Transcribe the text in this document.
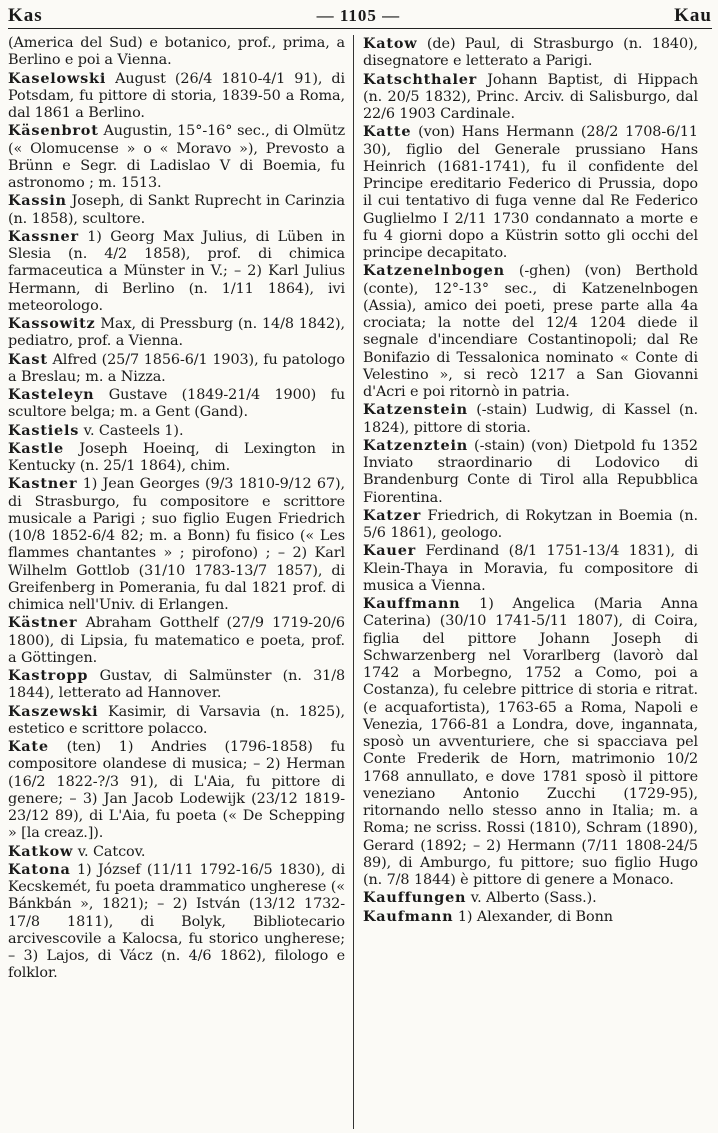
Kas	— 1105 —	Kau

(America del Sud) e botanico, prof., prima, a Berlino e poi a Vienna.

Kaselowski August (26/4 1810-4/1 91), di Potsdam, fu pittore di storia, 1839-50 a Roma, dal 1861 a Berlino.

Käsenbrot Augustin, 15°-16° sec., di Olmütz (« Olomucense » o « Moravo »), Prevosto a Brünn e Segr. di Ladislao V di Boemia, fu astronomo ; m. 1513.

Kassin Joseph, di Sankt Ruprecht in Carinzia (n. 1858), scultore.

Kassner 1) Georg Max Julius, di Lüben in Slesia (n. 4/2 1858), prof. di chimica farmaceutica a Münster in V.; – 2) Karl Julius Hermann, di Berlino (n. 1/11 1864), ivi meteorologo.

Kassowitz Max, di Pressburg (n. 14/8 1842), pediatro, prof. a Vienna.

Kast Alfred (25/7 1856-6/1 1903), fu patologo a Breslau; m. a Nizza.

Kasteleyn Gustave (1849-21/4 1900) fu scultore belga; m. a Gent (Gand).

Kastiels v. Casteels 1).

Kastle Joseph Hoeinq, di Lexington in Kentucky (n. 25/1 1864), chim.

Kastner 1) Jean Georges (9/3 1810-9/12 67), di Strasburgo, fu compositore e scrittore musicale a Parigi ; suo figlio Eugen Friedrich (10/8 1852-6/4 82; m. a Bonn) fu fisico (« Les flammes chantantes » ; pirofono) ; – 2) Karl Wilhelm Gottlob (31/10 1783-13/7 1857), di Greifenberg in Pomerania, fu dal 1821 prof. di chimica nell'Univ. di Erlangen.

Kästner Abraham Gotthelf (27/9 1719-20/6 1800), di Lipsia, fu matematico e poeta, prof. a Göttingen.

Kastropp Gustav, di Salmünster (n. 31/8 1844), letterato ad Hannover.

Kaszewski Kasimir, di Varsavia (n. 1825), estetico e scrittore polacco.

Kate (ten) 1) Andries (1796-1858) fu compositore olandese di musica; – 2) Herman (16/2 1822-?/3 91), di L'Aia, fu pittore di genere; – 3) Jan Jacob Lodewijk (23/12 1819-23/12 89), di L'Aia, fu poeta (« De Schepping » [la creaz.]).

Katkow v. Catcov.

Katona 1) József (11/11 1792-16/5 1830), di Kecskemét, fu poeta drammatico ungherese (« Bánkbán », 1821); – 2) István (13/12 1732-17/8 1811), di Bolyk, Bibliotecario arcivescovile a Kalocsa, fu storico ungherese; – 3) Lajos, di Vácz (n. 4/6 1862), filologo e folklor.

Katow (de) Paul, di Strasburgo (n. 1840), disegnatore e letterato a Parigi.

Katschthaler Johann Baptist, di Hippach (n. 20/5 1832), Princ. Arciv. di Salisburgo, dal 22/6 1903 Cardinale.

Katte (von) Hans Hermann (28/2 1708-6/11 30), figlio del Generale prussiano Hans Heinrich (1681-1741), fu il confidente del Principe ereditario Federico di Prussia, dopo il cui tentativo di fuga venne dal Re Federico Guglielmo I 2/11 1730 condannato a morte e fu 4 giorni dopo a Küstrin sotto gli occhi del principe decapitato.

Katzenelnbogen (-ghen) (von) Berthold (conte), 12°-13° sec., di Katzenelnbogen (Assia), amico dei poeti, prese parte alla 4a crociata; la notte del 12/4 1204 diede il segnale d'incendiare Costantinopoli; dal Re Bonifazio di Tessalonica nominato « Conte di Velestino », si recò 1217 a San Giovanni d'Acri e poi ritornò in patria.

Katzenstein (-stain) Ludwig, di Kassel (n. 1824), pittore di storia.

Katzenztein (-stain) (von) Dietpold fu 1352 Inviato straordinario di Lodovico di Brandenburg Conte di Tirol alla Repubblica Fiorentina.

Katzer Friedrich, di Rokytzan in Boemia (n. 5/6 1861), geologo.

Kauer Ferdinand (8/1 1751-13/4 1831), di Klein-Thaya in Moravia, fu compositore di musica a Vienna.

Kauffmann 1) Angelica (Maria Anna Caterina) (30/10 1741-5/11 1807), di Coira, figlia del pittore Johann Joseph di Schwarzenberg nel Vorarlberg (lavorò dal 1742 a Morbegno, 1752 a Como, poi a Costanza), fu celebre pittrice di storia e ritrat. (e acquafortista), 1763-65 a Roma, Napoli e Venezia, 1766-81 a Londra, dove, ingannata, sposò un avventuriere, che si spacciava pel Conte Frederik de Horn, matrimonio 10/2 1768 annullato, e dove 1781 sposò il pittore veneziano Antonio Zucchi (1729-95), ritornando nello stesso anno in Italia; m. a Roma; ne scriss. Rossi (1810), Schram (1890), Gerard (1892; – 2) Hermann (7/11 1808-24/5 89), di Amburgo, fu pittore; suo figlio Hugo (n. 7/8 1844) è pittore di genere a Monaco.

Kauffungen v. Alberto (Sass.).

Kaufmann 1) Alexander, di Bonn
